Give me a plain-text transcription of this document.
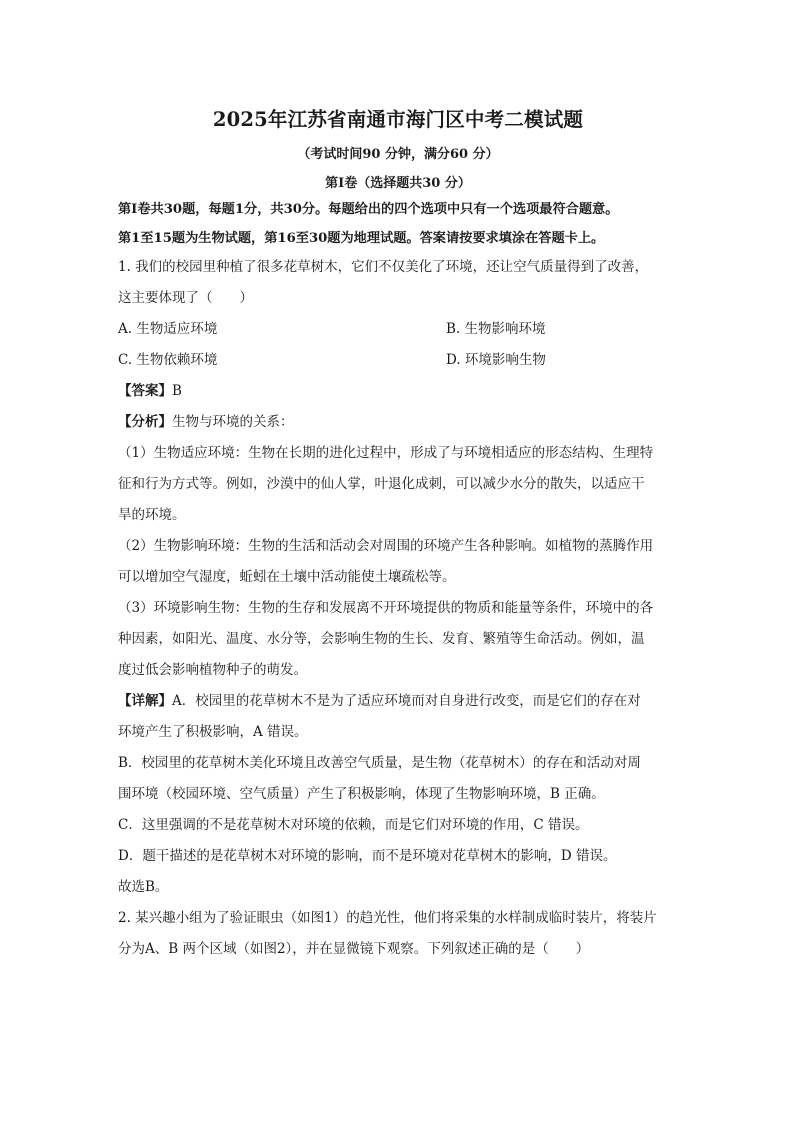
2025年江苏省南通市海门区中考二模试题
（考试时间90 分钟，满分60 分）
第Ⅰ卷（选择题共30 分）
第Ⅰ卷共30题，每题1分，共30分。每题给出的四个选项中只有一个选项最符合题意。
第1至15题为生物试题，第16至30题为地理试题。答案请按要求填涂在答题卡上。

1. 我们的校园里种植了很多花草树木，它们不仅美化了环境，还让空气质量得到了改善，

这主要体现了（　　）

A. 生物适应环境	B. 生物影响环境
C. 生物依赖环境	D. 环境影响生物

【答案】B

【分析】生物与环境的关系：

（1）生物适应环境：生物在长期的进化过程中，形成了与环境相适应的形态结构、生理特

征和行为方式等。例如，沙漠中的仙人掌，叶退化成刺，可以减少水分的散失，以适应干

旱的环境。

（2）生物影响环境：生物的生活和活动会对周围的环境产生各种影响。如植物的蒸腾作用

可以增加空气湿度，蚯蚓在土壤中活动能使土壤疏松等。

（3）环境影响生物：生物的生存和发展离不开环境提供的物质和能量等条件，环境中的各

种因素，如阳光、温度、水分等，会影响生物的生长、发育、繁殖等生命活动。例如，温

度过低会影响植物种子的萌发。

【详解】A．校园里的花草树木不是为了适应环境而对自身进行改变，而是它们的存在对

环境产生了积极影响，A 错误。

B．校园里的花草树木美化环境且改善空气质量，是生物（花草树木）的存在和活动对周

围环境（校园环境、空气质量）产生了积极影响，体现了生物影响环境，B 正确。

C．这里强调的不是花草树木对环境的依赖，而是它们对环境的作用，C 错误。

D．题干描述的是花草树木对环境的影响，而不是环境对花草树木的影响，D 错误。

故选B。

2. 某兴趣小组为了验证眼虫（如图1）的趋光性，他们将采集的水样制成临时装片，将装片

分为A、B 两个区域（如图2），并在显微镜下观察。下列叙述正确的是（　　）
